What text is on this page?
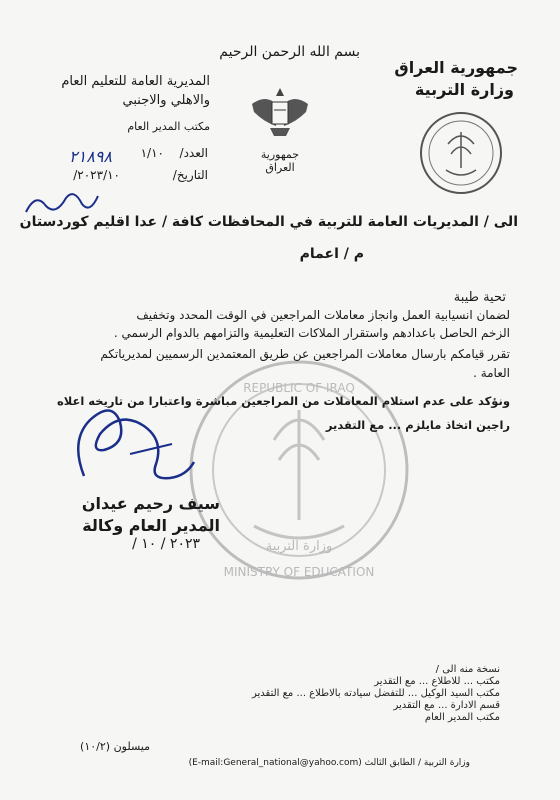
جمهورية العراق
جمهورية العراق
وزارة التربية
بسم الله الرحمن الرحيم
المديرية العامة للتعليم العام
والاهلي والاجنبي
مكتب المدير العام
العدد/
١/١٠
٢١٨٩٨
التاريخ/
٢٠٢٣/١٠/
الى / المديريات العامة للتربية في المحافظات كافة / عدا اقليم كوردستان
م / اعمام
REPUBLIC OF IRAQ
وزارة التربية
MINISTRY OF EDUCATION
تحية طيبة
لضمان انسيابية العمل وانجاز معاملات المراجعين في الوقت المحدد وتخفيف
الزخم الحاصل باعدادهم واستقرار الملاكات التعليمية والتزامهم بالدوام الرسمي .
تقرر قيامكم بارسال معاملات المراجعين عن طريق المعتمدين الرسميين لمديرياتكم
العامة .
ونؤكد على عدم استلام المعاملات من المراجعين مباشرة واعتبارا من تاريخه اعلاه
راجين اتخاذ مايلزم ... مع التقدير
سيف رحيم عيدان
المدير العام وكالة
٢٠٢٣ / ١٠ /
نسخة منه الى /
مكتب ... للاطلاع ... مع التقدير
مكتب السيد الوكيل ... للتفضل سيادته بالاطلاع ... مع التقدير
قسم الادارة ... مع التقدير
مكتب المدير العام
ميسلون (١٠/٢)
وزارة التربية / الطابق الثالث (E-mail:General_national@yahoo.com)
